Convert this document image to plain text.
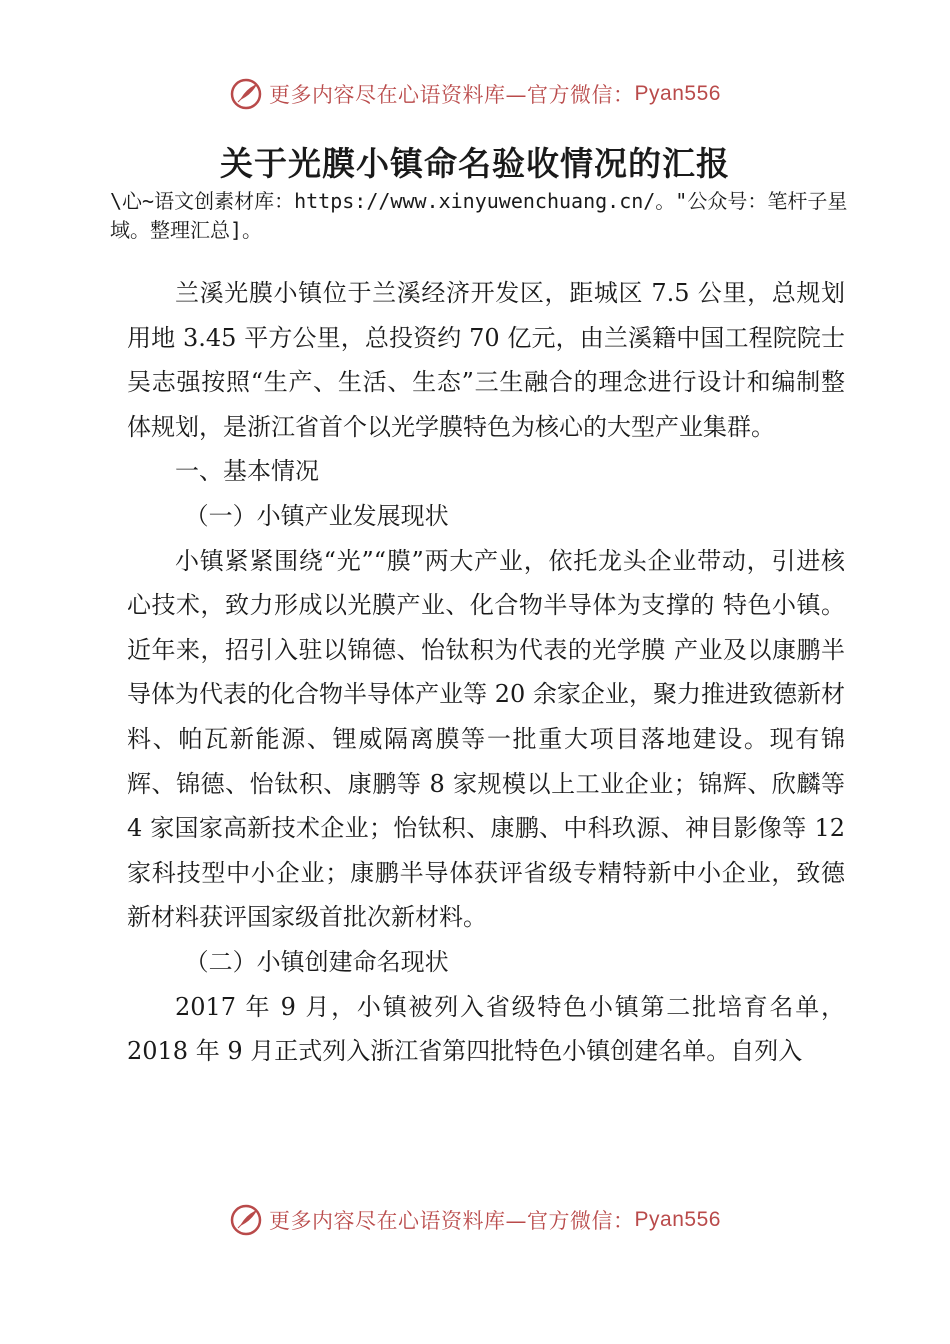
更多内容尽在心语资料库—官方微信： Pyan556
关于光膜小镇命名验收情况的汇报
\心~语文创素材库：https://www.xinyuwenchuang.cn/。"公众号：笔杆子星域。整理汇总]。

兰溪光膜小镇位于兰溪经济开发区，距城区 7.5 公里，总规划用地 3.45 平方公里，总投资约 70 亿元，由兰溪籍中国工程院院士吴志强按照“生产、生活、生态”三生融合的理念进行设计和编制整体规划，是浙江省首个以光学膜特色为核心的大型产业集群。

一、基本情况

（一）小镇产业发展现状

小镇紧紧围绕“光”“膜”两大产业，依托龙头企业带动，引进核心技术，致力形成以光膜产业、化合物半导体为支撑的 特色小镇。近年来，招引入驻以锦德、怡钛积为代表的光学膜 产业及以康鹏半导体为代表的化合物半导体产业等 20 余家企业，聚力推进致德新材料、帕瓦新能源、锂威隔离膜等一批重大项目落地建设。现有锦辉、锦德、怡钛积、康鹏等 8 家规模以上工业企业；锦辉、欣麟等 4 家国家高新技术企业；怡钛积、康鹏、中科玖源、神目影像等 12 家科技型中小企业；康鹏半导体获评省级专精特新中小企业，致德新材料获评国家级首批次新材料。

（二）小镇创建命名现状

2017 年 9 月，小镇被列入省级特色小镇第二批培育名单，2018 年 9 月正式列入浙江省第四批特色小镇创建名单。自列入

更多内容尽在心语资料库—官方微信： Pyan556
